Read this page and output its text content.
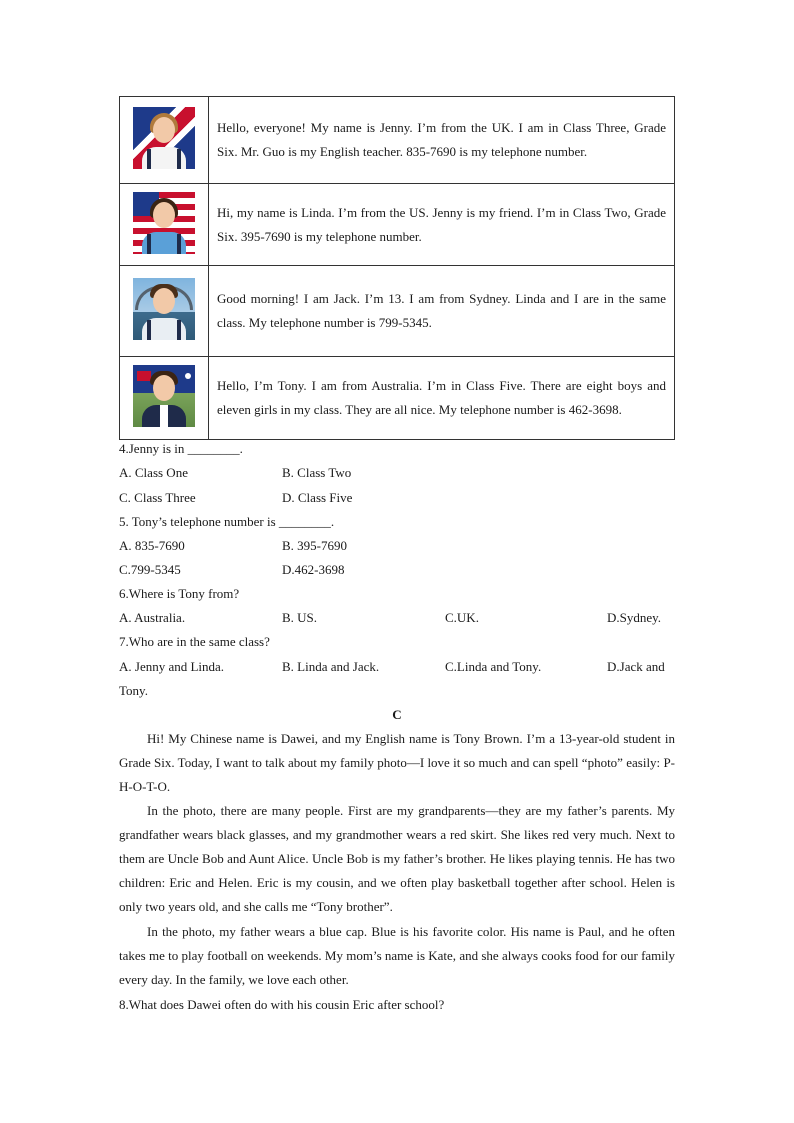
	Hello, everyone! My name is Jenny. I’m from the UK. I am in Class Three, Grade Six. Mr. Guo is my English teacher. 835-7690 is my telephone number.

	Hi, my name is Linda. I’m from the US. Jenny is my friend. I’m in Class Two, Grade Six. 395-7690 is my telephone number.

	Good morning! I am Jack. I’m 13. I am from Sydney. Linda and I are in the same class. My telephone number is 799-5345.

	Hello, I’m Tony. I am from Australia. I’m in Class Five. There are eight boys and eleven girls in my class. They are all nice. My telephone number is 462-3698.
4.Jenny is in ________.
A. Class One	B. Class Two
C. Class Three	D. Class Five
5. Tony’s telephone number is ________.
A. 835-7690	B. 395-7690
C.799-5345	D.462-3698
6.Where is Tony from?
A. Australia.	B. US.	C.UK.	D.Sydney.
7.Who are in the same class?
A. Jenny and Linda.	B. Linda and Jack.	C.Linda and Tony.	D.Jack and
Tony.
C
Hi! My Chinese name is Dawei, and my English name is Tony Brown. I’m a 13-year-old student in Grade Six. Today, I want to talk about my family photo—I love it so much and can spell “photo” easily: P-H-O-T-O.
In the photo, there are many people. First are my grandparents—they are my father’s parents. My grandfather wears black glasses, and my grandmother wears a red skirt. She likes red very much. Next to them are Uncle Bob and Aunt Alice. Uncle Bob is my father’s brother. He likes playing tennis. He has two children: Eric and Helen. Eric is my cousin, and we often play basketball together after school. Helen is only two years old, and she calls me “Tony brother”.
In the photo, my father wears a blue cap. Blue is his favorite color. His name is Paul, and he often takes me to play football on weekends. My mom’s name is Kate, and she always cooks food for our family every day. In the family, we love each other.
8.What does Dawei often do with his cousin Eric after school?
